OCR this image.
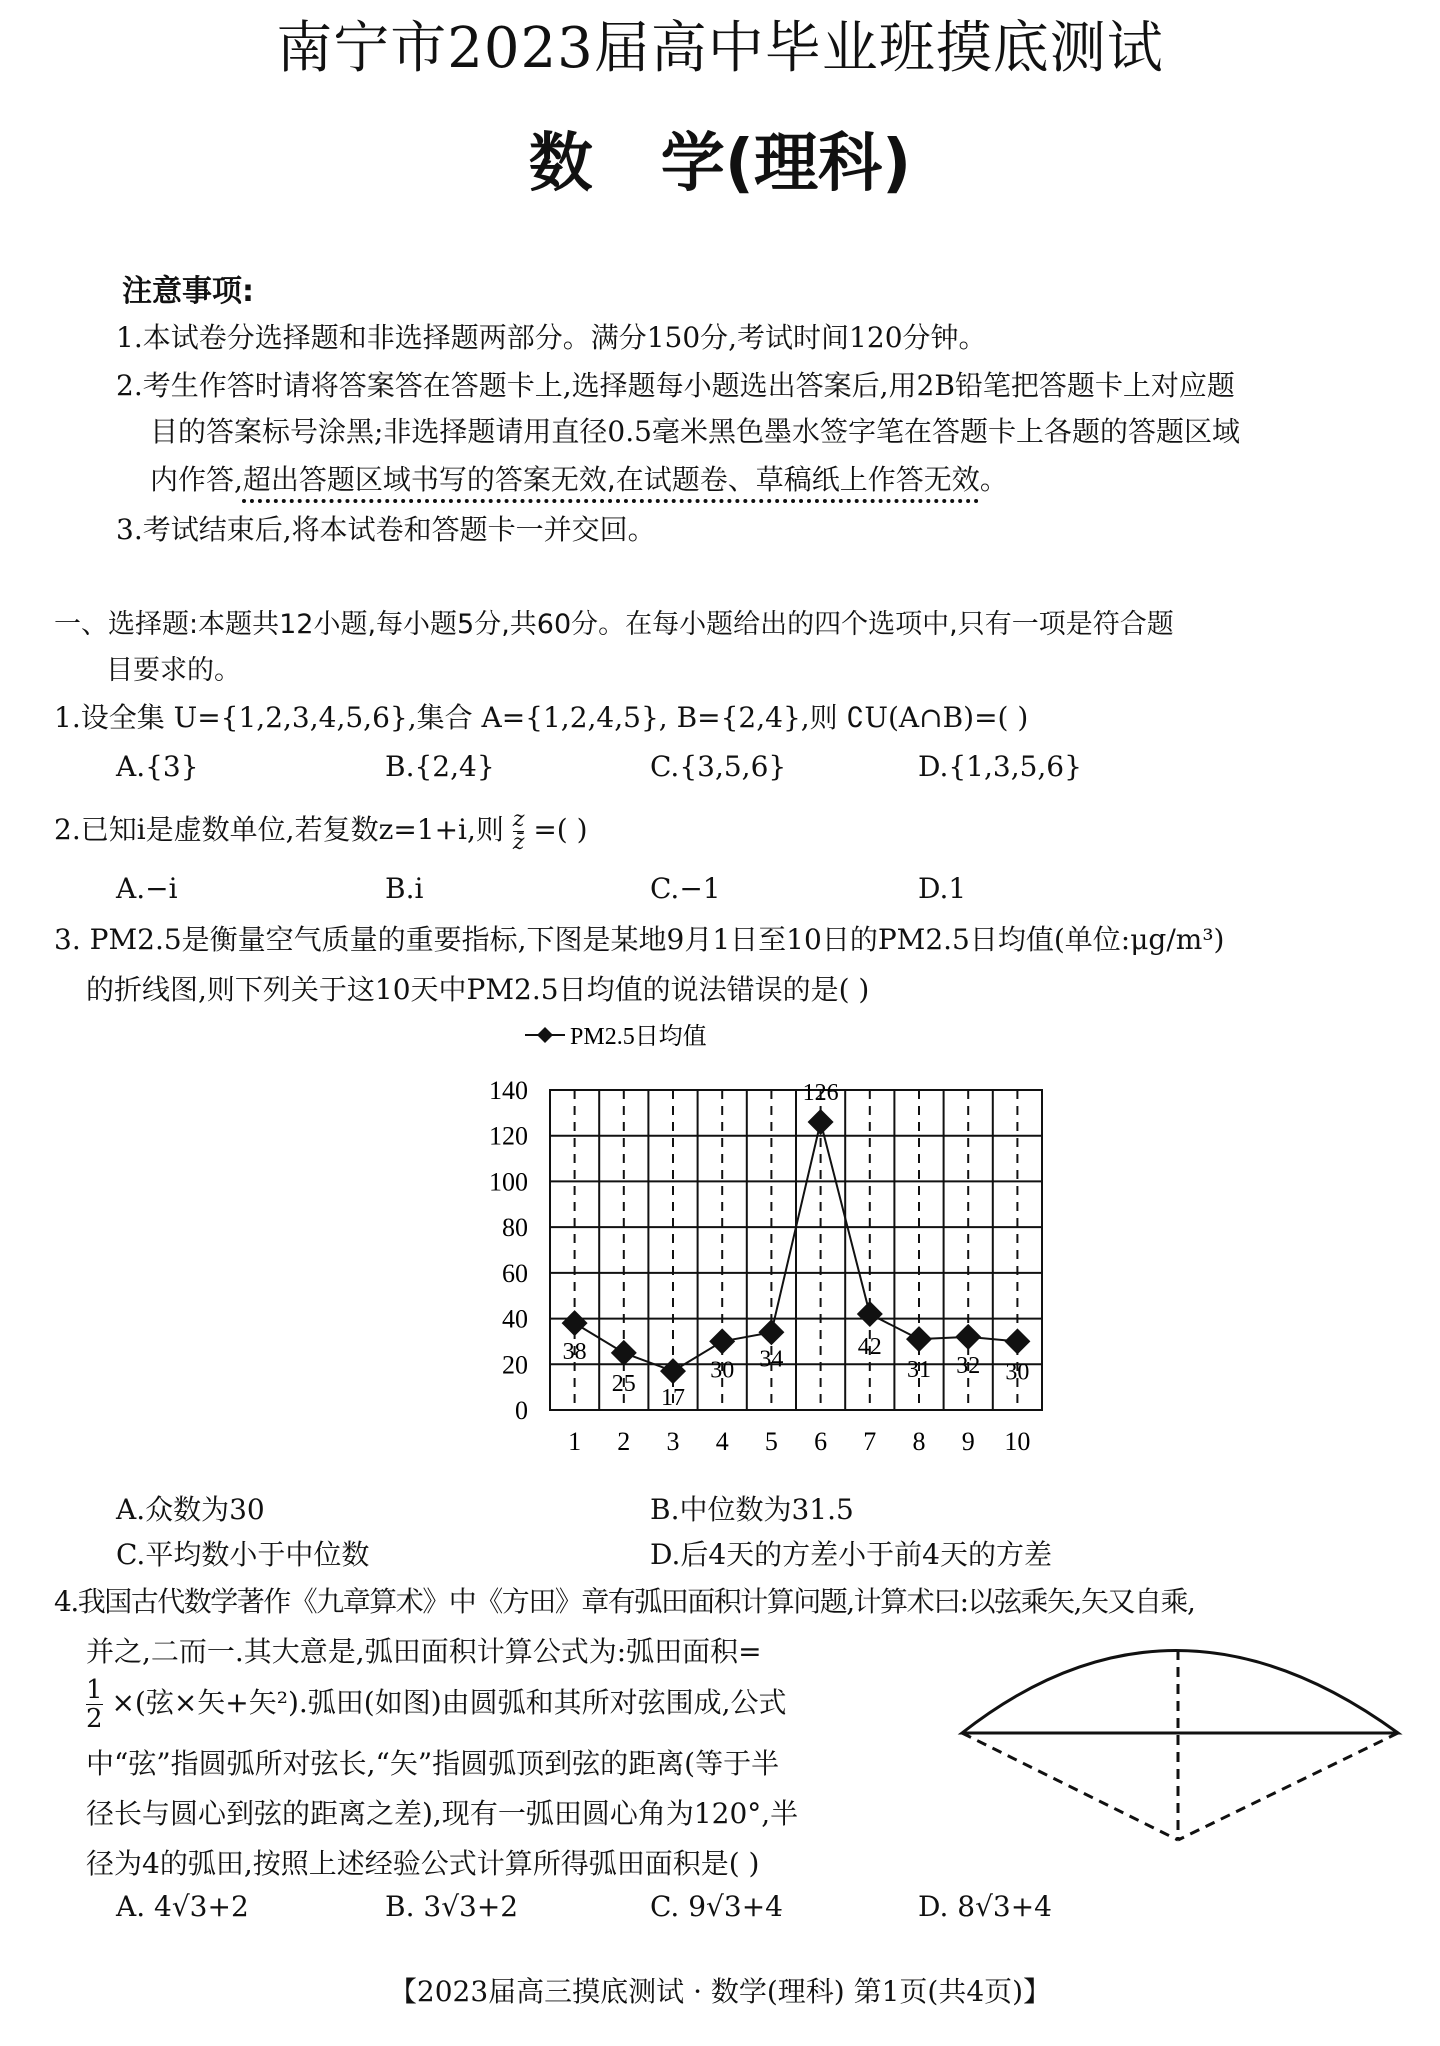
南宁市2023届高中毕业班摸底测试
数 学(理科)
注意事项:
1.本试卷分选择题和非选择题两部分。满分150分,考试时间120分钟。
2.考生作答时请将答案答在答题卡上,选择题每小题选出答案后,用2B铅笔把答题卡上对应题
目的答案标号涂黑;非选择题请用直径0.5毫米黑色墨水签字笔在答题卡上各题的答题区域
内作答,超出答题区域书写的答案无效,在试题卷、草稿纸上作答无效。
3.考试结束后,将本试卷和答题卡一并交回。
一、选择题:本题共12小题,每小题5分,共60分。在每小题给出的四个选项中,只有一项是符合题
目要求的。
1.设全集 U={1,2,3,4,5,6},集合 A={1,2,4,5}, B={2,4},则 ∁U(A∩B)=( )
A.{3}	B.{2,4}	C.{3,5,6}	D.{1,3,5,6}
2.已知i是虚数单位,若复数z=1+i,则 $\frac{z}{z̄}$ =( )
A.−i	B.i	C.−1	D.1
3. PM2.5是衡量空气质量的重要指标,下图是某地9月1日至10日的PM2.5日均值(单位:μg/m³)
的折线图,则下列关于这10天中PM2.5日均值的说法错误的是( )
0
20
40
60
80
100
120
140
1 2 3 4 5 6 7 8 9 10
38
25
17
30 34
126
42
31 32 30
PM2.5日均值
A.众数为30	B.中位数为31.5
C.平均数小于中位数	D.后4天的方差小于前4天的方差
4.我国古代数学著作《九章算术》中《方田》章有弧田面积计算问题,计算术曰:以弦乘矢,矢又自乘,
并之,二而一.其大意是,弧田面积计算公式为:弧田面积=
$\frac{1}{2}$ ×(弦×矢+矢²).弧田(如图)由圆弧和其所对弦围成,公式
中“弦”指圆弧所对弦长,“矢”指圆弧顶到弦的距离(等于半
径长与圆心到弦的距离之差),现有一弧田圆心角为120°,半
径为4的弧田,按照上述经验公式计算所得弧田面积是( )
A. 4√3+2	B. 3√3+2	C. 9√3+4	D. 8√3+4
【2023届高三摸底测试 · 数学(理科) 第1页(共4页)】
